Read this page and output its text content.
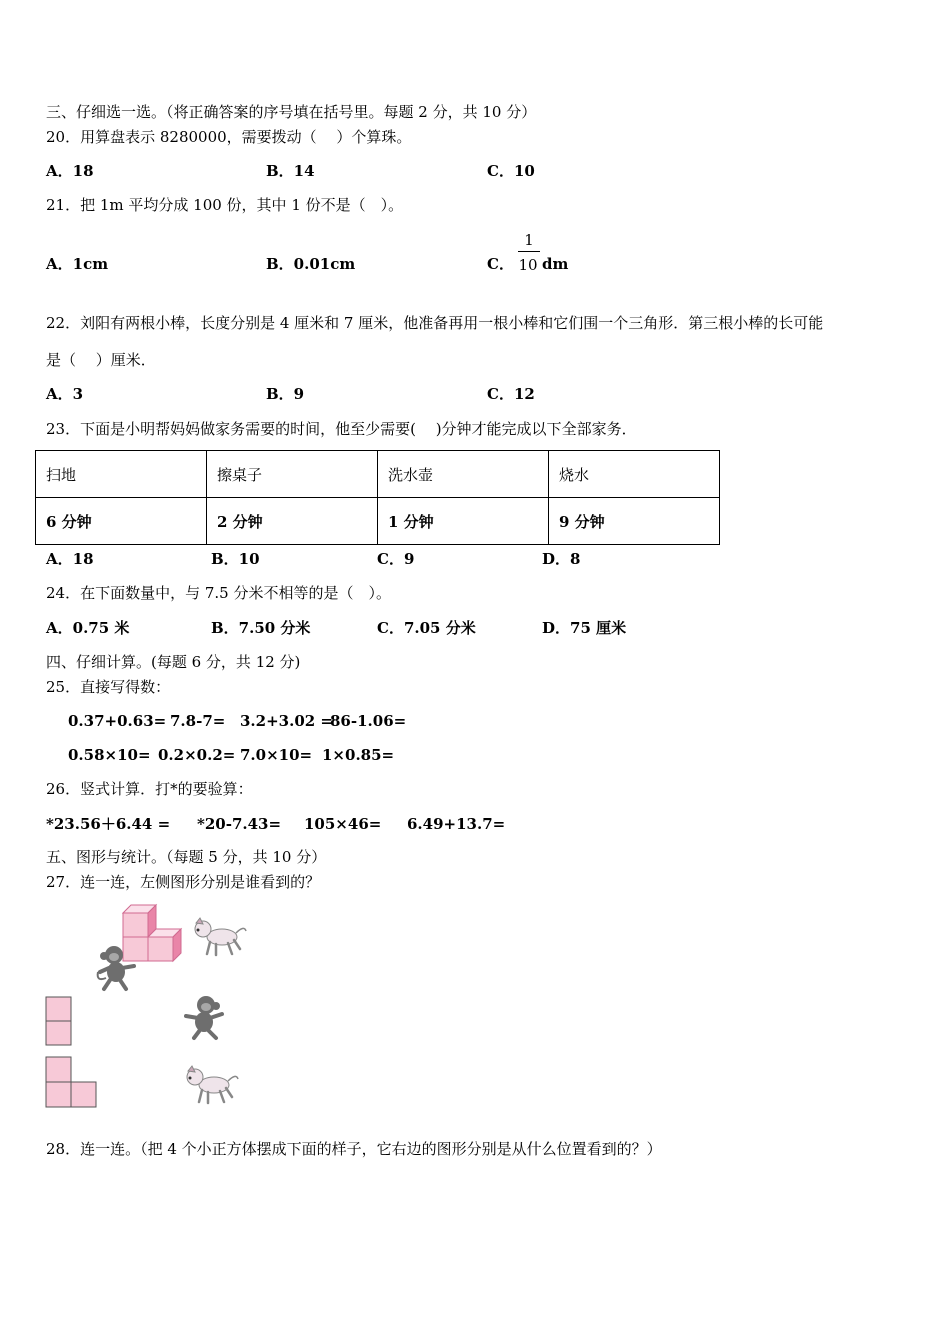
三、仔细选一选。（将正确答案的序号填在括号里。每题 2 分，共 10 分）
20．用算盘表示 8280000，需要拨动（　 ）个算珠。
A．18	B．14	C．10
21．把 1m 平均分成 100 份，其中 1 份不是（　）。
A．1cm	B．0.01cm	C．
1
10 dm
22．刘阳有两根小棒，长度分别是 4 厘米和 7 厘米，他准备再用一根小棒和它们围一个三角形．第三根小棒的长可能
是（　 ）厘米．
A．3	B．9	C．12
23．下面是小明帮妈妈做家务需要的时间，他至少需要(　 )分钟才能完成以下全部家务．
扫地	擦桌子	洗水壶	烧水
6 分钟	2 分钟	1 分钟	9 分钟
A．18	B．10	C．9	D．8
24．在下面数量中，与 7.5 分米不相等的是（　）。
A．0.75 米	B．7.50 分米	C．7.05 分米	D．75 厘米
四、仔细计算。(每题 6 分，共 12 分)
25．直接写得数：
0.37+0.63= 7.8-7= 3.2+3.02 =
86-1.06=
0.58×10= 0.2×0.2= 7.0×10= 1×0.85=
26．竖式计算．打*的要验算：
*23.56＋6.44 = *20-7.43= 105×46= 6.49+13.7=
五、图形与统计。（每题 5 分，共 10 分）
27．连一连，左侧图形分别是谁看到的？
28．连一连。（把 4 个小正方体摆成下面的样子，它右边的图形分别是从什么位置看到的？）
